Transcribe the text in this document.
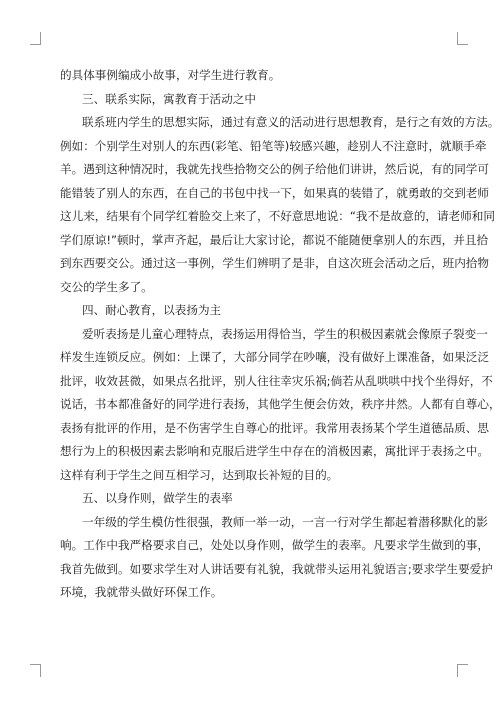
的具体事例编成小故事，对学生进行教育。
三、联系实际，寓教育于活动之中
联系班内学生的思想实际，通过有意义的活动进行思想教育，是行之有效的方法。
例如：个别学生对别人的东西(彩笔、铅笔等)较感兴趣，趁别人不注意时，就顺手牵
羊。遇到这种情况时，我就先找些拾物交公的例子给他们讲讲，然后说，有的同学可
能错装了别人的东西，在自己的书包中找一下，如果真的装错了，就勇敢的交到老师
这儿来，结果有个同学红着脸交上来了，不好意思地说：“我不是故意的，请老师和同
学们原谅!”顿时，掌声齐起，最后让大家讨论，都说不能随便拿别人的东西，并且拾
到东西要交公。通过这一事例，学生们辨明了是非，自这次班会活动之后，班内拾物
交公的学生多了。
四、耐心教育，以表扬为主
爱听表扬是儿童心理特点，表扬运用得恰当，学生的积极因素就会像原子裂变一
样发生连锁反应。例如：上课了，大部分同学在吵嚷，没有做好上课准备，如果泛泛
批评，收效甚微，如果点名批评，别人往往幸灾乐祸;倘若从乱哄哄中找个坐得好，不
说话，书本都准备好的同学进行表扬，其他学生便会仿效，秩序井然。人都有自尊心，
表扬有批评的作用，是不伤害学生自尊心的批评。我常用表扬某个学生道德品质、思
想行为上的积极因素去影响和克服后进学生中存在的消极因素，寓批评于表扬之中。
这样有利于学生之间互相学习，达到取长补短的目的。
五、以身作则，做学生的表率
一年级的学生模仿性很强，教师一举一动，一言一行对学生都起着潜移默化的影
响。工作中我严格要求自己，处处以身作则，做学生的表率。凡要求学生做到的事，
我首先做到。如要求学生对人讲话要有礼貌，我就带头运用礼貌语言;要求学生要爱护
环境，我就带头做好环保工作。
